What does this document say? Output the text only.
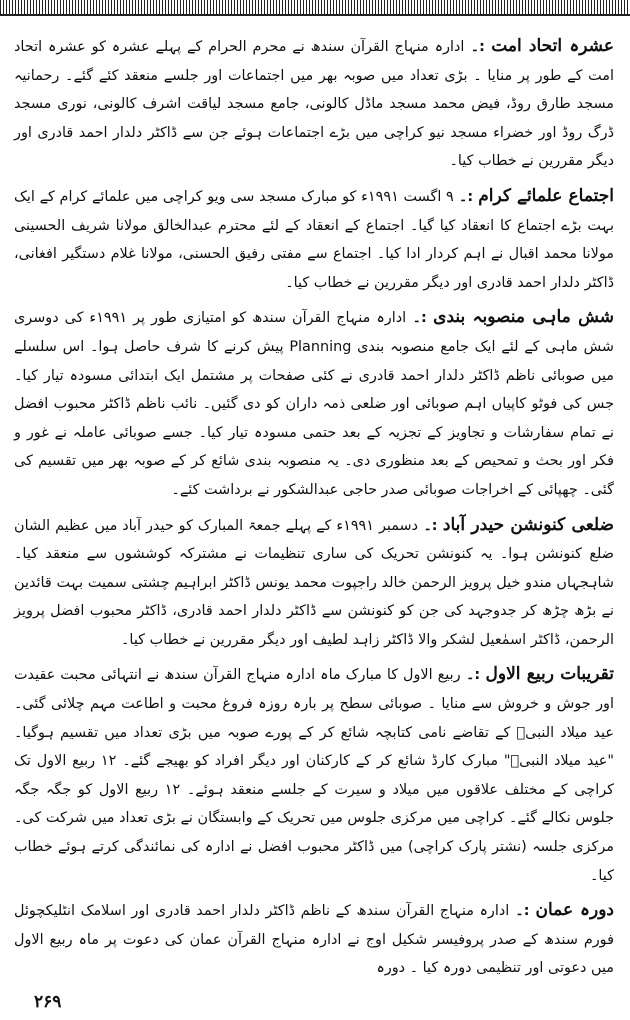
عشرہ اتحاد امت :۔ ادارہ منہاج القرآن سندھ نے محرم الحرام کے پہلے عشرہ کو عشرہ اتحاد امت کے طور پر منایا ۔ بڑی تعداد میں صوبہ بھر میں اجتماعات اور جلسے منعقد کئے گئے۔ رحمانیہ مسجد طارق روڈ، فیض محمد مسجد ماڈل کالونی، جامع مسجد لیاقت اشرف کالونی، نوری مسجد ڈرگ روڈ اور خضراء مسجد نیو کراچی میں بڑے اجتماعات ہوئے جن سے ڈاکٹر دلدار احمد قادری اور دیگر مقررین نے خطاب کیا۔

اجتماع علمائے کرام :۔ ۹ اگست ۱۹۹۱ء کو مبارک مسجد سی ویو کراچی میں علمائے کرام کے ایک بہت بڑے اجتماع کا انعقاد کیا گیا۔ اجتماع کے انعقاد کے لئے محترم عبدالخالق مولانا شریف الحسینی مولانا محمد اقبال نے اہم کردار ادا کیا۔ اجتماع سے مفتی رفیق الحسنی، مولانا غلام دستگیر افغانی، ڈاکٹر دلدار احمد قادری اور دیگر مقررین نے خطاب کیا۔

شش ماہی منصوبہ بندی :۔ ادارہ منہاج القرآن سندھ کو امتیازی طور پر ۱۹۹۱ء کی دوسری شش ماہی کے لئے ایک جامع منصوبہ بندی Planning پیش کرنے کا شرف حاصل ہوا۔ اس سلسلے میں صوبائی ناظم ڈاکٹر دلدار احمد قادری نے کئی صفحات پر مشتمل ایک ابتدائی مسودہ تیار کیا۔ جس کی فوٹو کاپیاں اہم صوبائی اور ضلعی ذمہ داران کو دی گئیں۔ نائب ناظم ڈاکٹر محبوب افضل نے تمام سفارشات و تجاویز کے تجزیہ کے بعد حتمی مسودہ تیار کیا۔ جسے صوبائی عاملہ نے غور و فکر اور بحث و تمحیص کے بعد منظوری دی۔ یہ منصوبہ بندی شائع کر کے صوبہ بھر میں تقسیم کی گئی۔ چھپائی کے اخراجات صوبائی صدر حاجی عبدالشکور نے برداشت کئے۔

ضلعی کنونشن حیدر آباد :۔ دسمبر ۱۹۹۱ء کے پہلے جمعۃ المبارک کو حیدر آباد میں عظیم الشان ضلع کنونشن ہوا۔ یہ کنونشن تحریک کی ساری تنظیمات نے مشترکہ کوششوں سے منعقد کیا۔ شاہجہاں مندو خیل پرویز الرحمن خالد راجپوت محمد یونس ڈاکٹر ابراہیم چشتی سمیت بہت قائدین نے بڑھ چڑھ کر جدوجہد کی جن کو کنونشن سے ڈاکٹر دلدار احمد قادری، ڈاکٹر محبوب افضل پرویز الرحمن، ڈاکٹر اسمٰعیل لشکر والا ڈاکٹر زاہد لطیف اور دیگر مقررین نے خطاب کیا۔

تقریبات ربیع الاول :۔ ربیع الاول کا مبارک ماہ ادارہ منہاج القرآن سندھ نے انتہائی محبت عقیدت اور جوش و خروش سے منایا ۔ صوبائی سطح پر بارہ روزہ فروغ محبت و اطاعت مہم چلائی گئی۔ عید میلاد النبیؐ کے تقاضے نامی کتابچہ شائع کر کے پورے صوبہ میں بڑی تعداد میں تقسیم ہوگیا۔ "عید میلاد النبیؐ" مبارک کارڈ شائع کر کے کارکنان اور دیگر افراد کو بھیجے گئے۔ ۱۲ ربیع الاول تک کراچی کے مختلف علاقوں میں میلاد و سیرت کے جلسے منعقد ہوئے۔ ۱۲ ربیع الاول کو جگہ جگہ جلوس نکالے گئے۔ کراچی میں مرکزی جلوس میں تحریک کے وابستگان نے بڑی تعداد میں شرکت کی۔ مرکزی جلسہ (نشتر پارک کراچی) میں ڈاکٹر محبوب افضل نے ادارہ کی نمائندگی کرتے ہوئے خطاب کیا۔

دورہ عمان :۔ ادارہ منہاج القرآن سندھ کے ناظم ڈاکٹر دلدار احمد قادری اور اسلامک انٹلیکچوئل فورم سندھ کے صدر پروفیسر شکیل اوج نے ادارہ منہاج القرآن عمان کی دعوت پر ماہ ربیع الاول میں دعوتی اور تنظیمی دورہ کیا ۔ دورہ

۲۶۹
